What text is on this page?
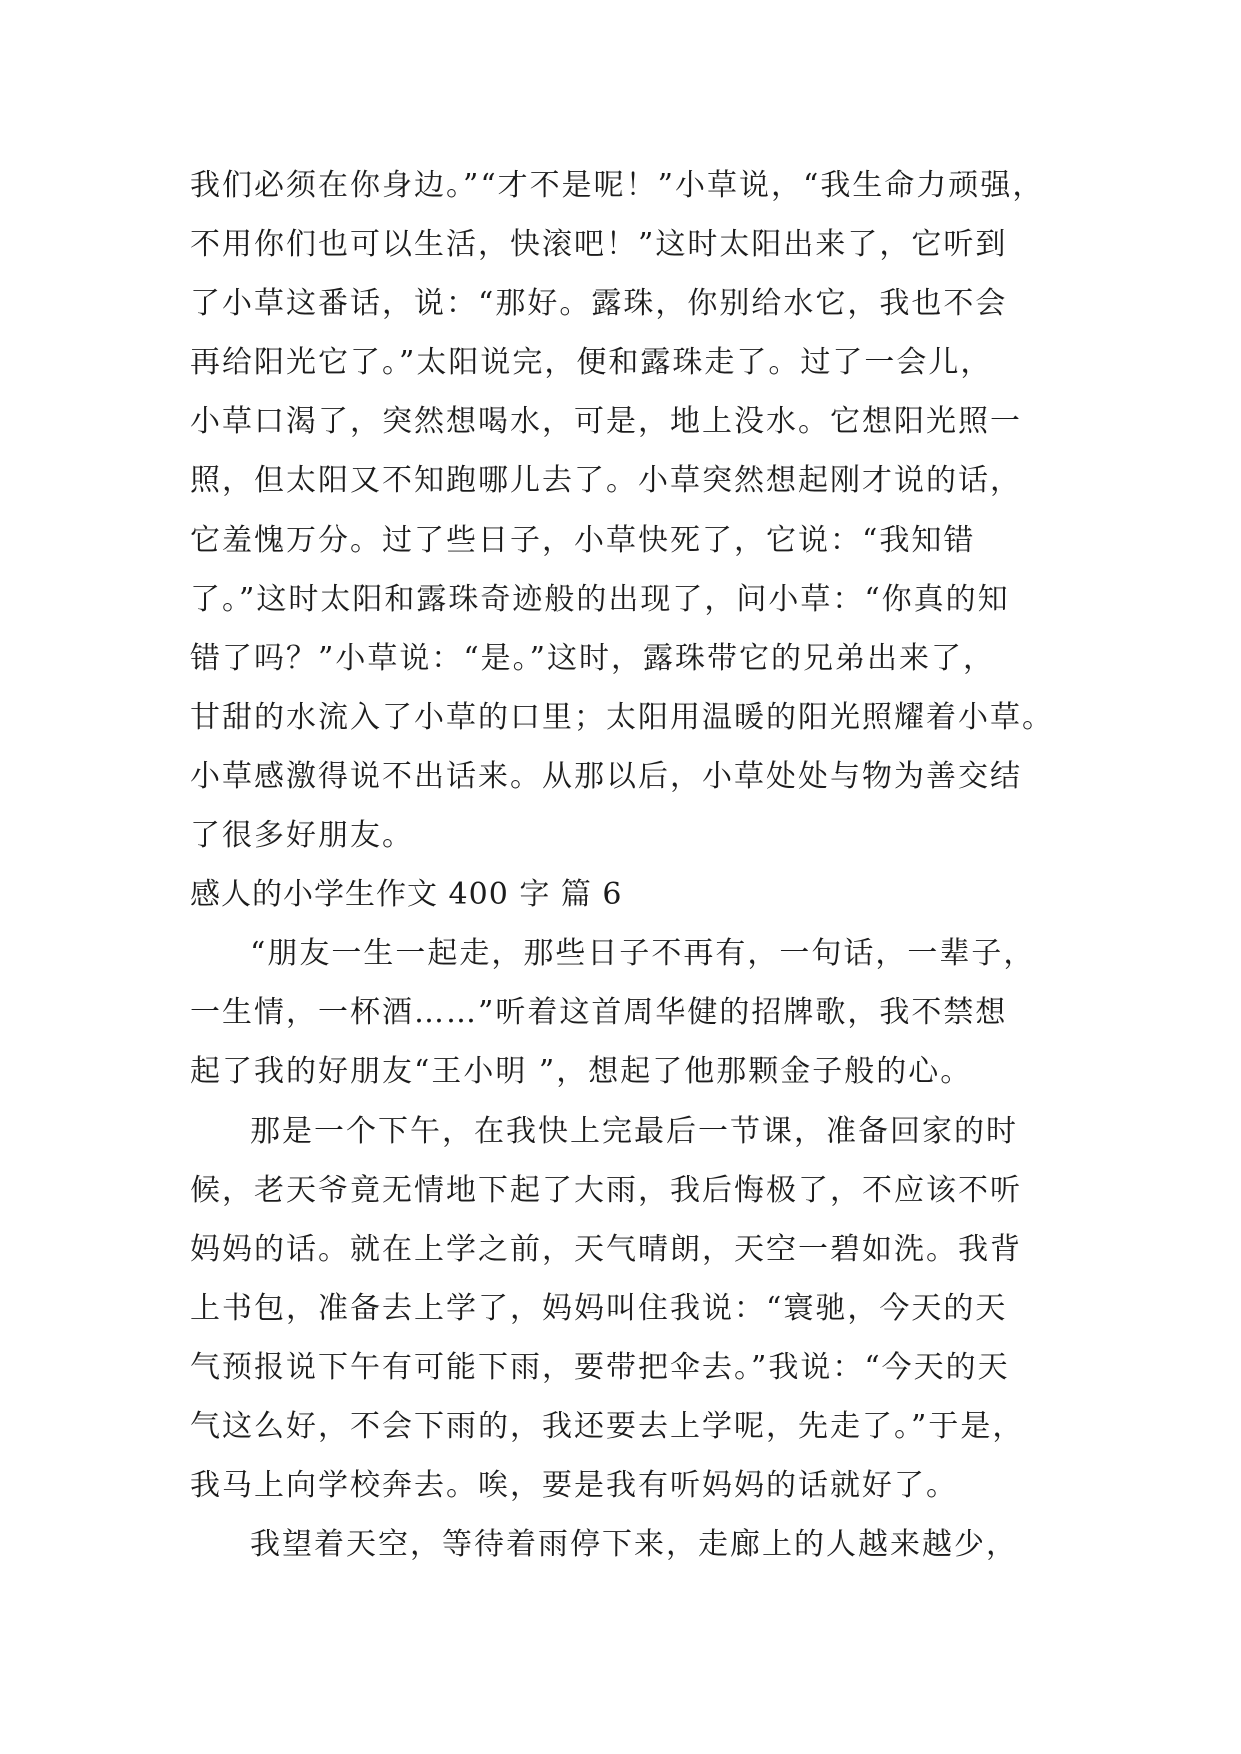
我们必须在你身边。”“才不是呢！”小草说，“我生命力顽强，
不用你们也可以生活，快滚吧！”这时太阳出来了，它听到
了小草这番话，说：“那好。露珠，你别给水它，我也不会
再给阳光它了。”太阳说完，便和露珠走了。过了一会儿，
小草口渴了，突然想喝水，可是，地上没水。它想阳光照一
照，但太阳又不知跑哪儿去了。小草突然想起刚才说的话，
它羞愧万分。过了些日子，小草快死了，它说：“我知错
了。”这时太阳和露珠奇迹般的出现了，问小草：“你真的知
错了吗？”小草说：“是。”这时，露珠带它的兄弟出来了，
甘甜的水流入了小草的口里；太阳用温暖的阳光照耀着小草。
小草感激得说不出话来。从那以后，小草处处与物为善交结
了很多好朋友。
感人的小学生作文 400 字 篇 6
“朋友一生一起走，那些日子不再有，一句话，一辈子，
一生情，一杯酒……”听着这首周华健的招牌歌，我不禁想
起了我的好朋友“王小明 ”，想起了他那颗金子般的心。
那是一个下午，在我快上完最后一节课，准备回家的时
候，老天爷竟无情地下起了大雨，我后悔极了，不应该不听
妈妈的话。就在上学之前，天气晴朗，天空一碧如洗。我背
上书包，准备去上学了，妈妈叫住我说：“寰驰，今天的天
气预报说下午有可能下雨，要带把伞去。”我说：“今天的天
气这么好，不会下雨的，我还要去上学呢，先走了。”于是，
我马上向学校奔去。唉，要是我有听妈妈的话就好了。
我望着天空，等待着雨停下来，走廊上的人越来越少，
